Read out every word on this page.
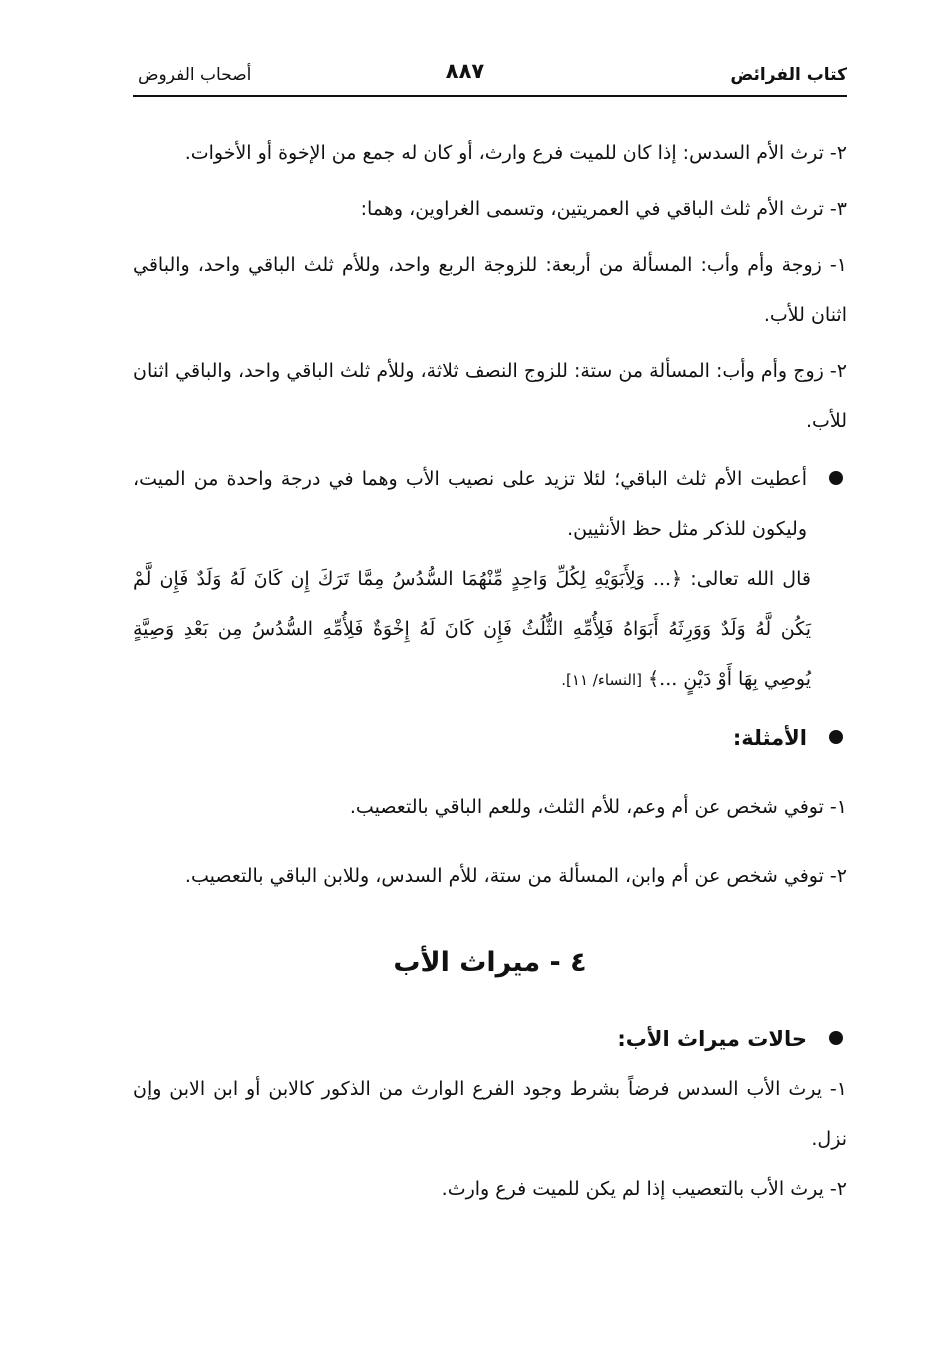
كتاب الفرائض
٨٨٧
أصحاب الفروض

٢- ترث الأم السدس: إذا كان للميت فرع وارث، أو كان له جمع من الإخوة أو الأخوات.

٣- ترث الأم ثلث الباقي في العمريتين، وتسمى الغراوين، وهما:

١- زوجة وأم وأب: المسألة من أربعة: للزوجة الربع واحد، وللأم ثلث الباقي واحد، والباقي اثنان للأب.

٢- زوج وأم وأب: المسألة من ستة: للزوج النصف ثلاثة، وللأم ثلث الباقي واحد، والباقي اثنان للأب.

أعطيت الأم ثلث الباقي؛ لئلا تزيد على نصيب الأب وهما في درجة واحدة من الميت، وليكون للذكر مثل حظ الأنثيين.
قال الله تعالى: ﴿... وَلِأَبَوَيْهِ لِكُلِّ وَاحِدٍ مِّنْهُمَا السُّدُسُ مِمَّا تَرَكَ إِن كَانَ لَهُ وَلَدٌ فَإِن لَّمْ يَكُن لَّهُ وَلَدٌ وَوَرِثَهُ أَبَوَاهُ فَلِأُمِّهِ الثُّلُثُ فَإِن كَانَ لَهُ إِخْوَةٌ فَلِأُمِّهِ السُّدُسُ مِن بَعْدِ وَصِيَّةٍ يُوصِي بِهَا أَوْ دَيْنٍ ...﴾ [النساء/ ١١].
الأمثلة:

١- توفي شخص عن أم وعم، للأم الثلث، وللعم الباقي بالتعصيب.

٢- توفي شخص عن أم وابن، المسألة من ستة، للأم السدس، وللابن الباقي بالتعصيب.

٤ - ميراث الأب
حالات ميراث الأب:

١- يرث الأب السدس فرضاً بشرط وجود الفرع الوارث من الذكور كالابن أو ابن الابن وإن نزل.

٢- يرث الأب بالتعصيب إذا لم يكن للميت فرع وارث.
